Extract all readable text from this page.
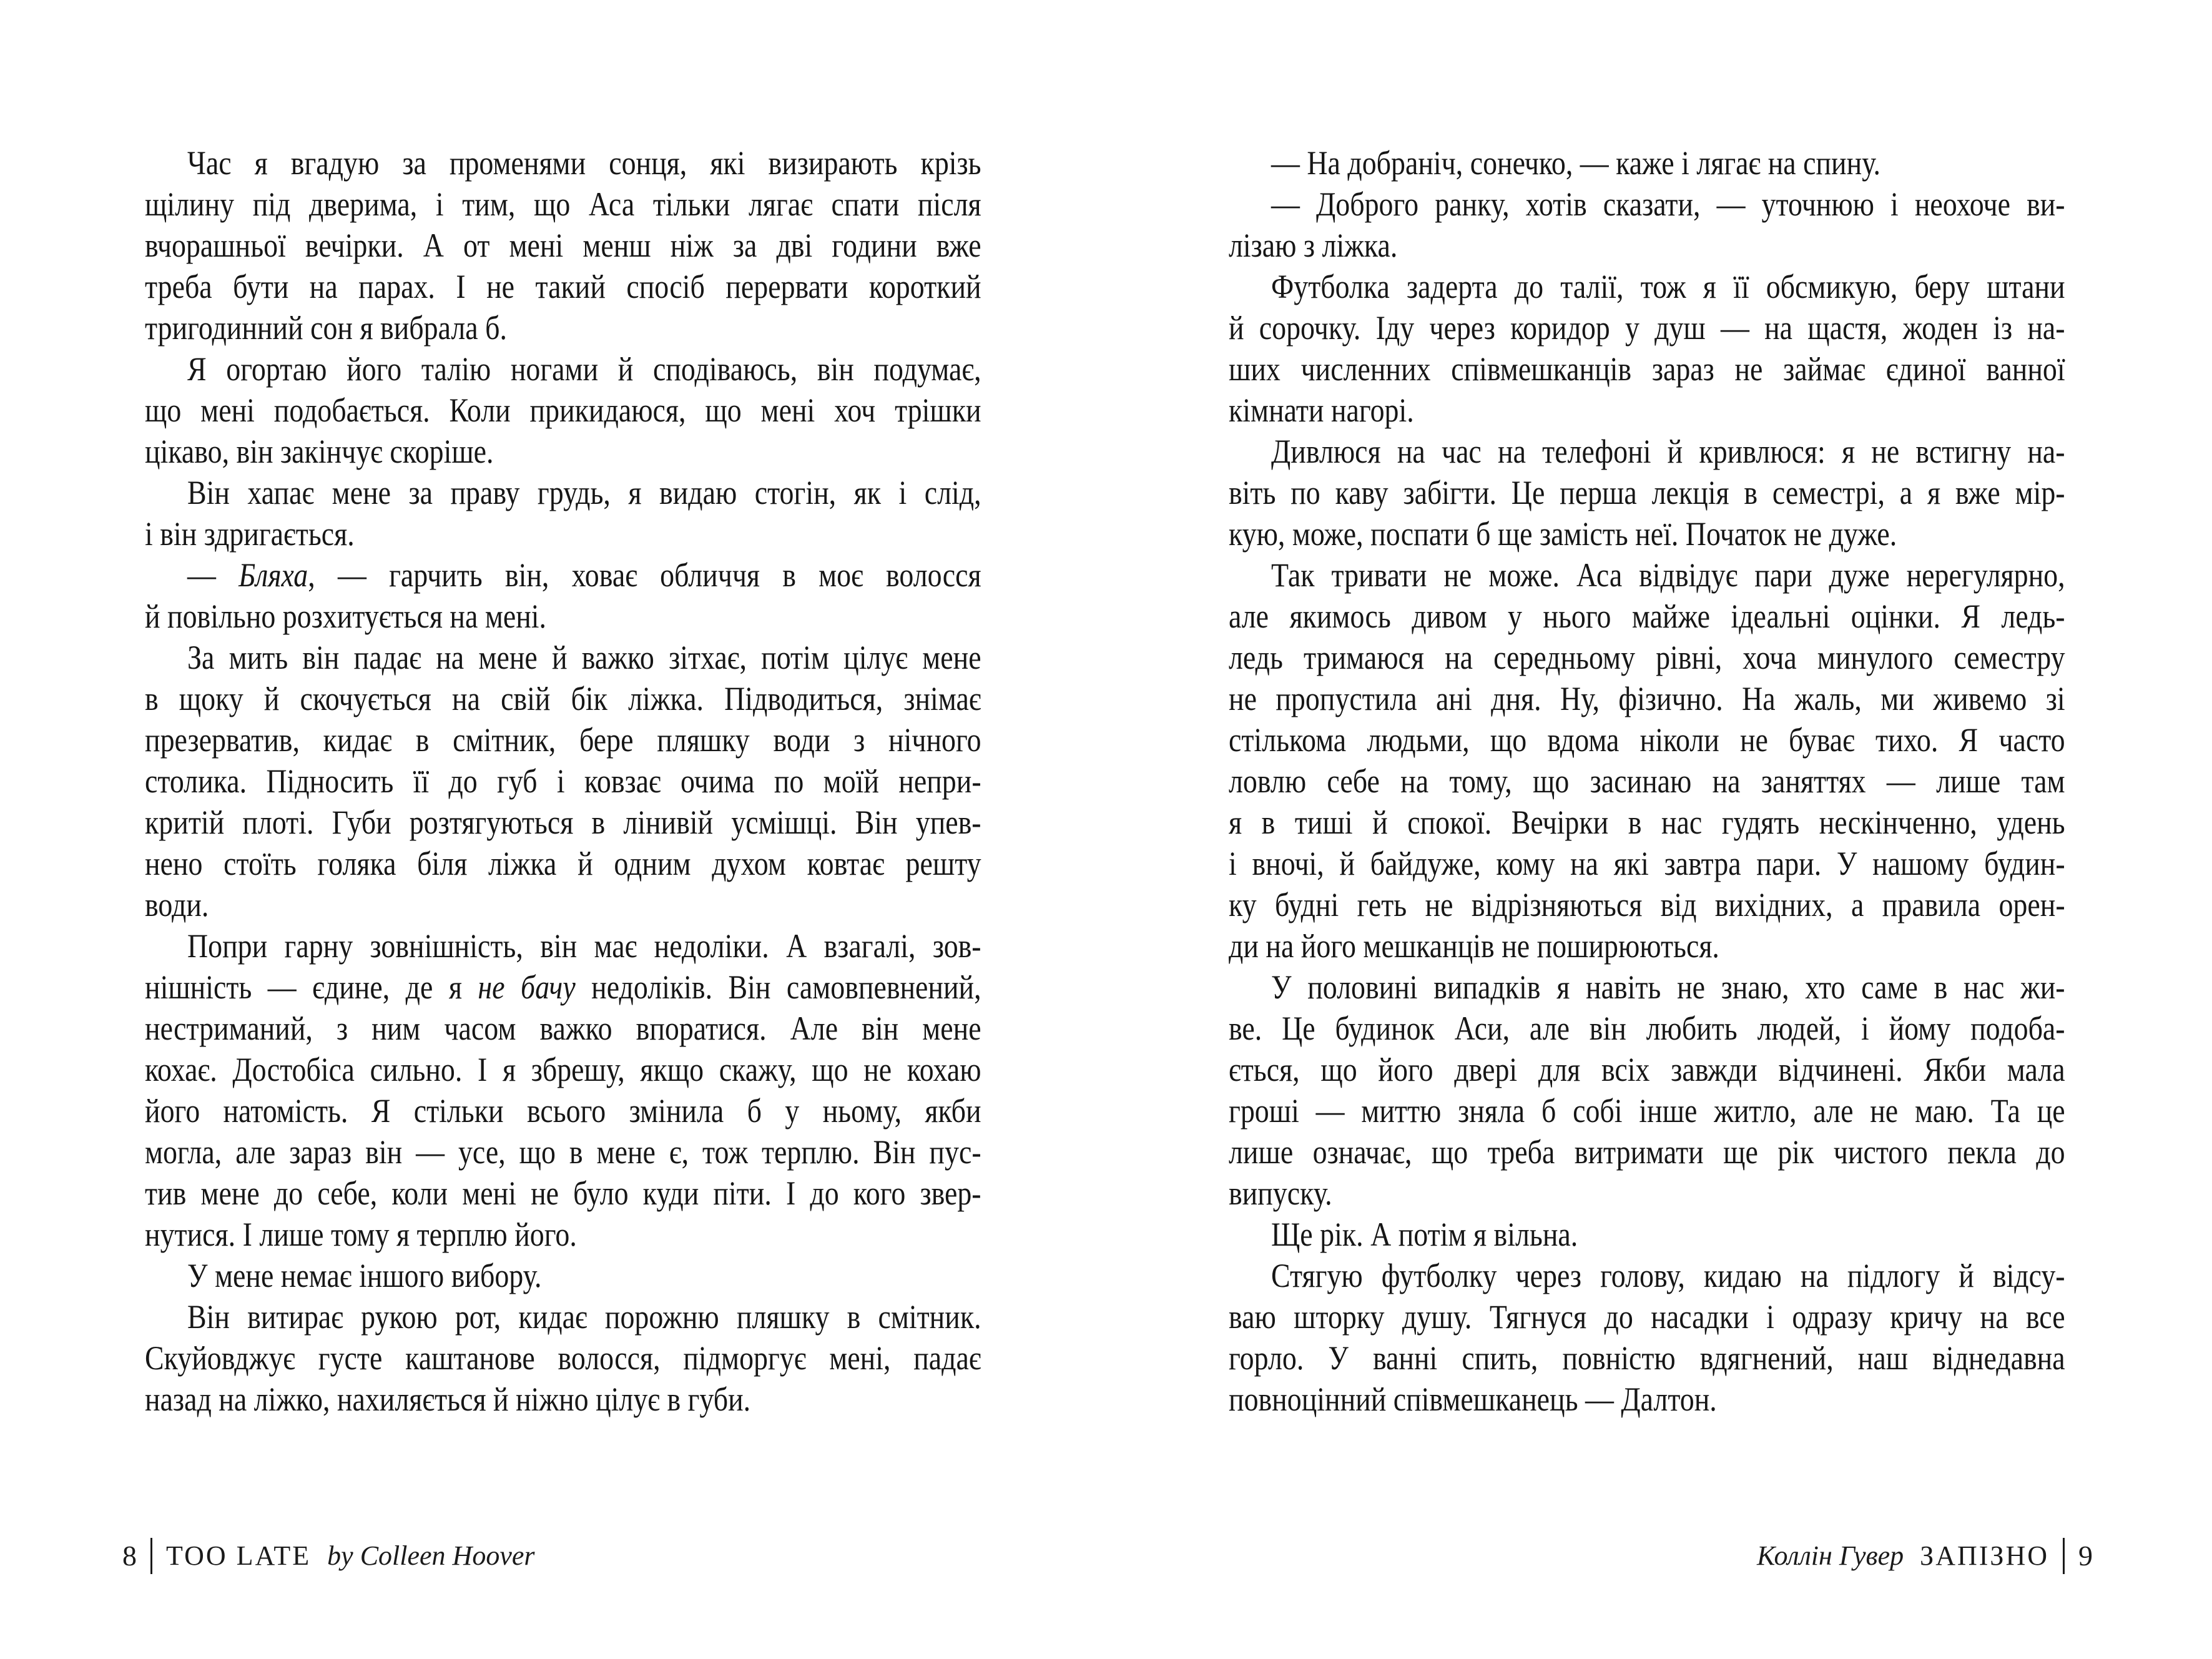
Час я вгадую за променями сонця, які визирають крізь
щілину під дверима, і тим, що Аса тільки лягає спати після
вчорашньої вечірки. А от мені менш ніж за дві години вже
треба бути на парах. І не такий спосіб перервати короткий
тригодинний сон я вибрала б.
Я огортаю його талію ногами й сподіваюсь, він подумає,
що мені подобається. Коли прикидаюся, що мені хоч трішки
цікаво, він закінчує скоріше.
Він хапає мене за праву грудь, я видаю стогін, як і слід,
і він здригається.
— Бляха, — гарчить він, ховає обличчя в моє волосся
й повільно розхитується на мені.
За мить він падає на мене й важко зітхає, потім цілує мене
в щоку й скочується на свій бік ліжка. Підводиться, знімає
презерватив, кидає в смітник, бере пляшку води з нічного
столика. Підносить її до губ і ковзає очима по моїй непри-
критій плоті. Губи розтягуються в лінивій усмішці. Він упев-
нено стоїть голяка біля ліжка й одним духом ковтає решту
води.
Попри гарну зовнішність, він має недоліки. А взагалі, зов-
нішність — єдине, де я не бачу недоліків. Він самовпевнений,
нестриманий, з ним часом важко впоратися. Але він мене
кохає. Достобіса сильно. І я збрешу, якщо скажу, що не кохаю
його натомість. Я стільки всього змінила б у ньому, якби
могла, але зараз він — усе, що в мене є, тож терплю. Він пус-
тив мене до себе, коли мені не було куди піти. І до кого звер-
нутися. І лише тому я терплю його.
У мене немає іншого вибору.
Він витирає рукою рот, кидає порожню пляшку в смітник.
Скуйовджує густе каштанове волосся, підморгує мені, падає
назад на ліжко, нахиляється й ніжно цілує в губи.
— На добраніч, сонечко, — каже і лягає на спину.
— Доброго ранку, хотів сказати, — уточнюю і неохоче ви-
лізаю з ліжка.
Футболка задерта до талії, тож я її обсмикую, беру штани
й сорочку. Іду через коридор у душ — на щастя, жоден із на-
ших численних співмешканців зараз не займає єдиної ванної
кімнати нагорі.
Дивлюся на час на телефоні й кривлюся: я не встигну на-
віть по каву забігти. Це перша лекція в семестрі, а я вже мір-
кую, може, поспати б ще замість неї. Початок не дуже.
Так тривати не може. Аса відвідує пари дуже нерегулярно,
але якимось дивом у нього майже ідеальні оцінки. Я ледь-
ледь тримаюся на середньому рівні, хоча минулого семестру
не пропустила ані дня. Ну, фізично. На жаль, ми живемо зі
стількома людьми, що вдома ніколи не буває тихо. Я часто
ловлю себе на тому, що засинаю на заняттях — лише там
я в тиші й спокої. Вечірки в нас гудять нескінченно, удень
і вночі, й байдуже, кому на які завтра пари. У нашому будин-
ку будні геть не відрізняються від вихідних, а правила орен-
ди на його мешканців не поширюються.
У половині випадків я навіть не знаю, хто саме в нас жи-
ве. Це будинок Аси, але він любить людей, і йому подоба-
ється, що його двері для всіх завжди відчинені. Якби мала
гроші — миттю зняла б собі інше житло, але не маю. Та це
лише означає, що треба витримати ще рік чистого пекла до
випуску.
Ще рік. А потім я вільна.
Стягую футболку через голову, кидаю на підлогу й відсу-
ваю шторку душу. Тягнуся до насадки і одразу кричу на все
горло. У ванні спить, повністю вдягнений, наш віднедавна
повноцінний співмешканець — Далтон.
8 TOO LATE by Colleen Hoover	Коллін Гувер ЗАПІЗНО 9
